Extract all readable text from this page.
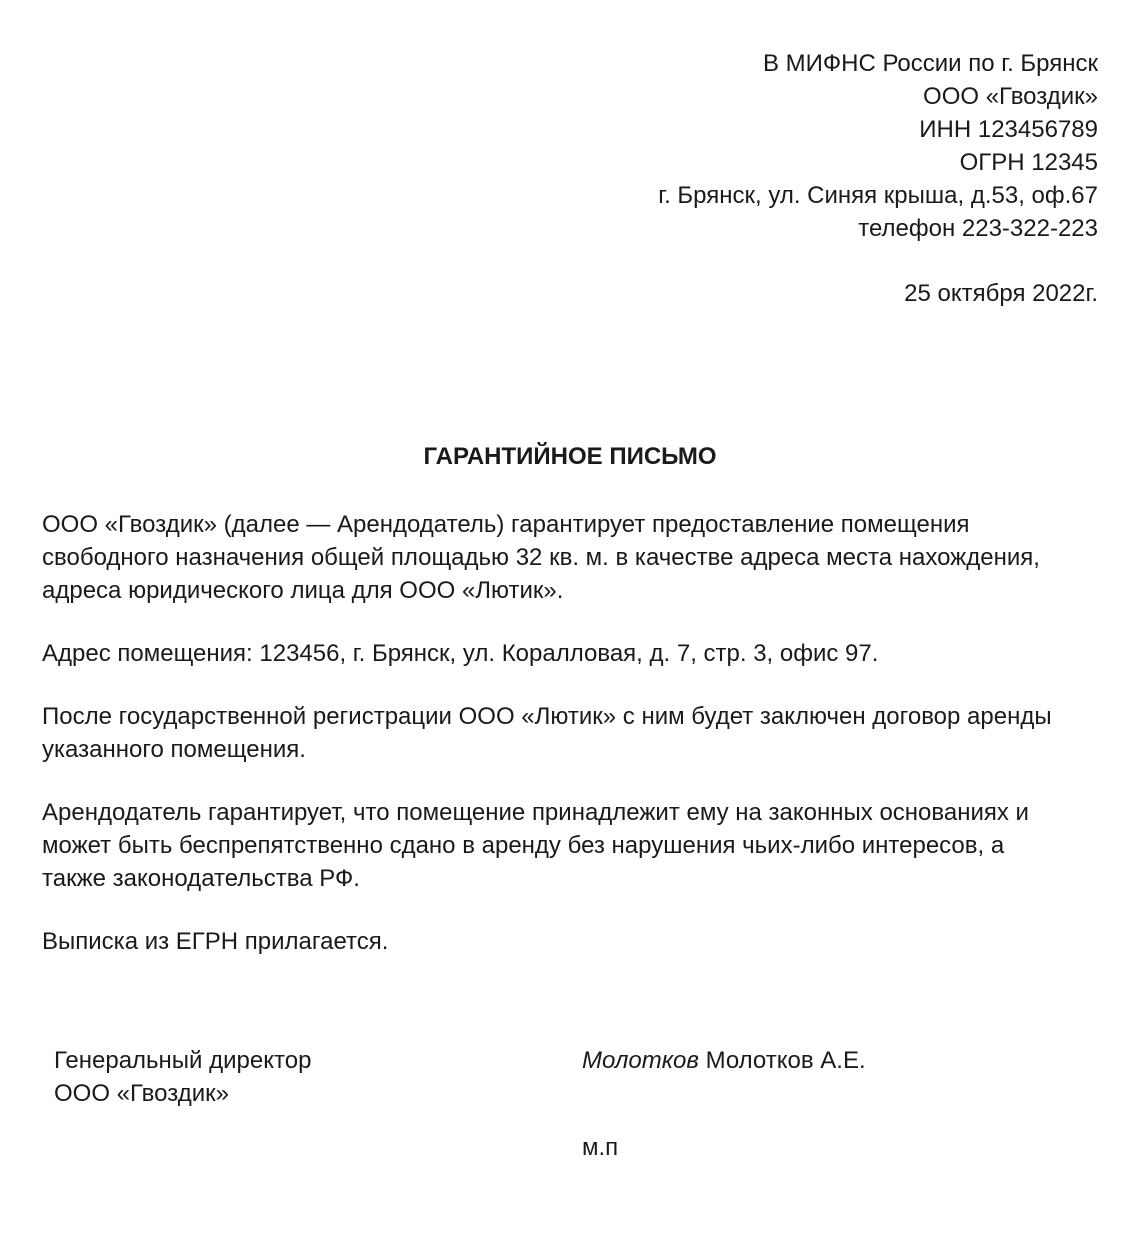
В МИФНС России по г. Брянск
ООО «Гвоздик»
ИНН 123456789
ОГРН 12345
г. Брянск, ул. Синяя крыша, д.53, оф.67
телефон 223-322-223
25 октября 2022г.
ГАРАНТИЙНОЕ ПИСЬМО

ООО «Гвоздик» (далее — Арендодатель) гарантирует предоставление помещения
свободного назначения общей площадью 32 кв. м. в качестве адреса места нахождения,
адреса юридического лица для ООО «Лютик».

Адрес помещения: 123456, г. Брянск, ул. Коралловая, д. 7, стр. 3, офис 97.

После государственной регистрации ООО «Лютик» с ним будет заключен договор аренды
указанного помещения.

Арендодатель гарантирует, что помещение принадлежит ему на законных основаниях и
может быть беспрепятственно сдано в аренду без нарушения чьих-либо интересов, а
также законодательства РФ.

Выписка из ЕГРН прилагается.

Генеральный директор
ООО «Гвоздик»
Молотков Молотков А.Е.
м.п
